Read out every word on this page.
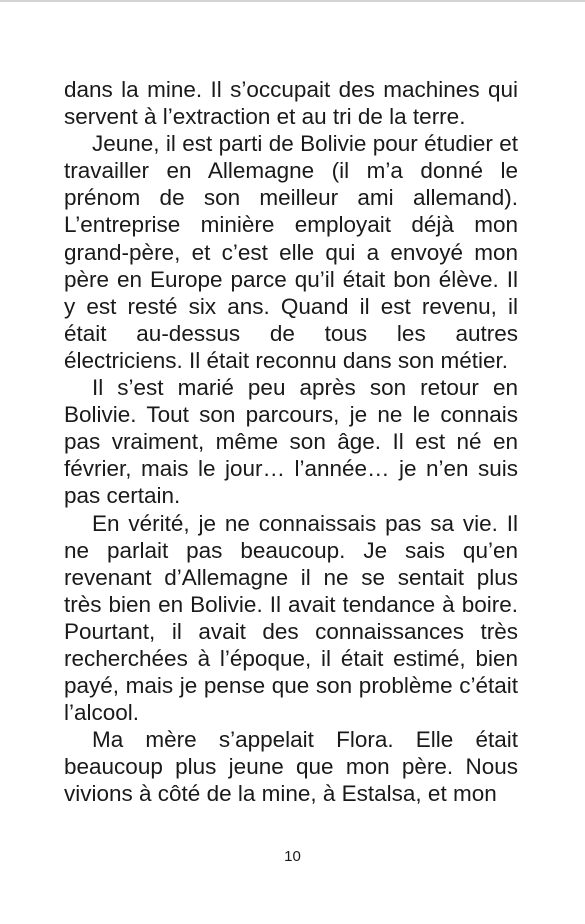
dans la mine. Il s’occupait des machines qui servent à l’extraction et au tri de la terre.

Jeune, il est parti de Bolivie pour étudier et travailler en Allemagne (il m’a donné le prénom de son meilleur ami allemand). L’entreprise minière employait déjà mon grand-père, et c’est elle qui a envoyé mon père en Europe parce qu’il était bon élève. Il y est resté six ans. Quand il est revenu, il était au-dessus de tous les autres électriciens. Il était reconnu dans son métier.

Il s’est marié peu après son retour en Bolivie. Tout son parcours, je ne le connais pas vraiment, même son âge. Il est né en février, mais le jour… l’année… je n’en suis pas certain.

En vérité, je ne connaissais pas sa vie. Il ne parlait pas beaucoup. Je sais qu’en revenant d’Allemagne il ne se sentait plus très bien en Bolivie. Il avait tendance à boire. Pourtant, il avait des connaissances très recherchées à l’époque, il était estimé, bien payé, mais je pense que son problème c’était l’alcool.

Ma mère s’appelait Flora. Elle était beaucoup plus jeune que mon père. Nous vivions à côté de la mine, à Estalsa, et mon

10
